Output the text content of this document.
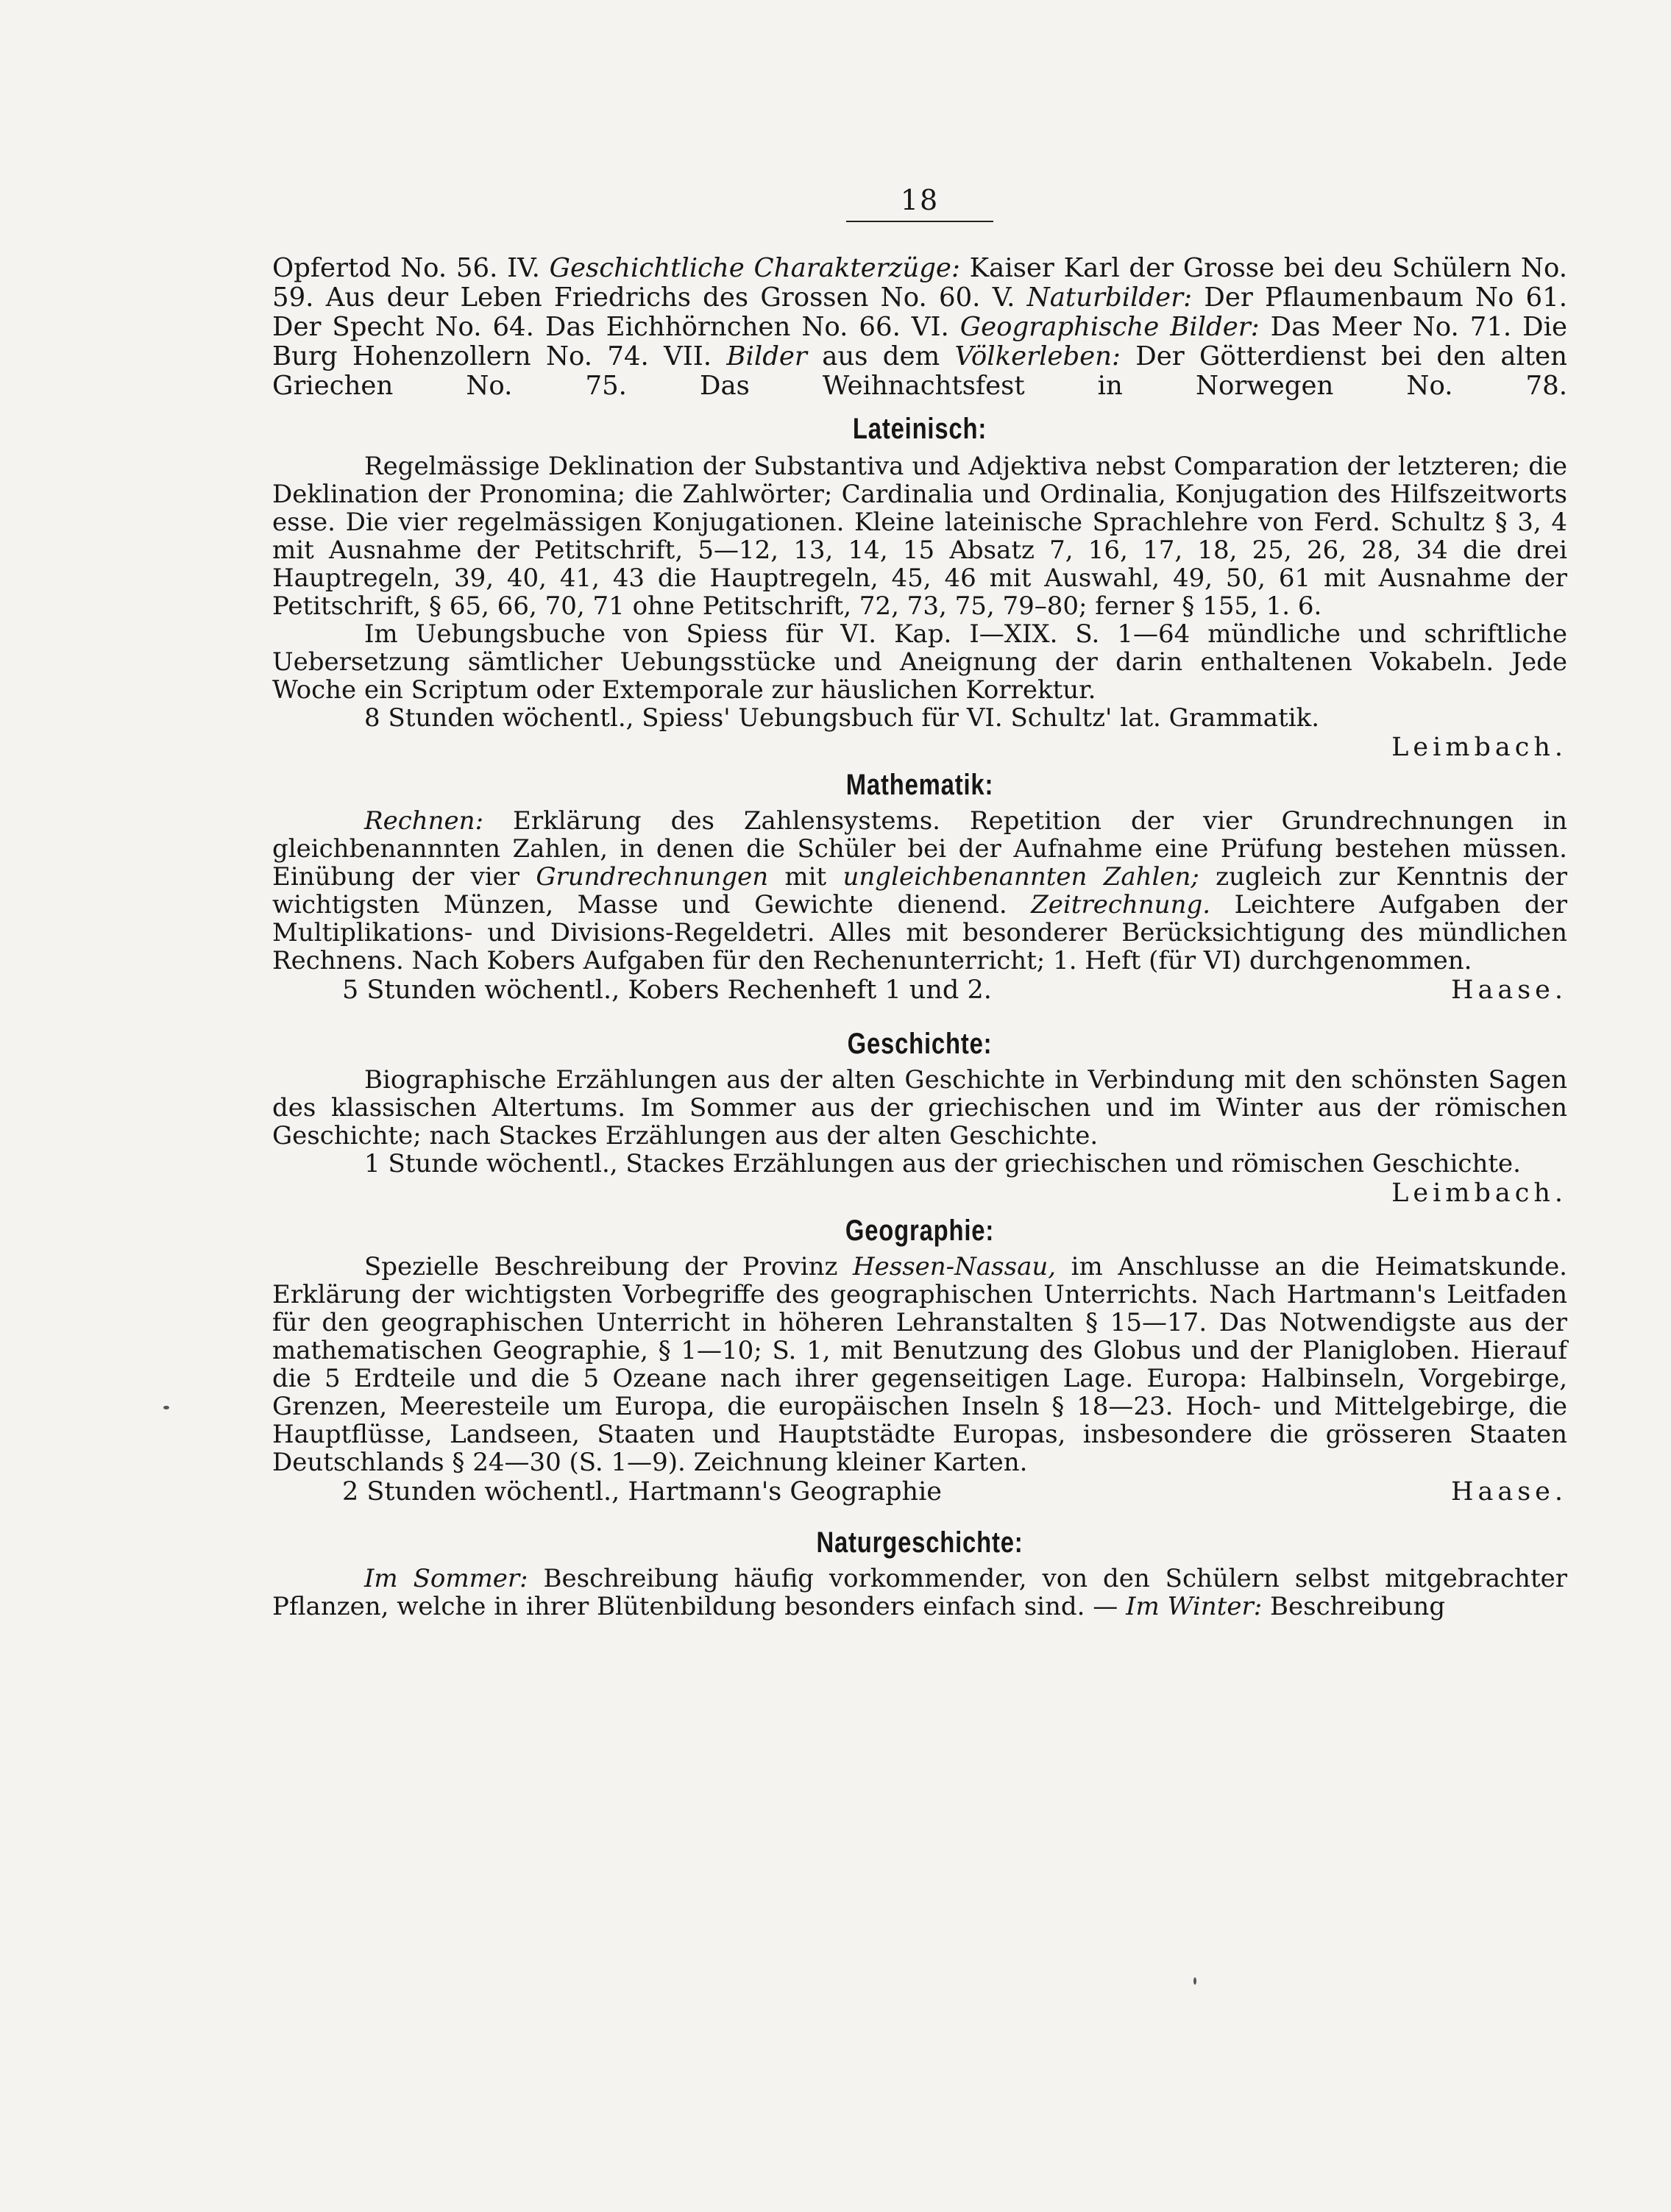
18

Opfertod No. 56. IV. Geschichtliche Charakterzüge: Kaiser Karl der Grosse bei deu Schülern No. 59. Aus deur Leben Friedrichs des Grossen No. 60. V. Naturbilder: Der Pflaumenbaum No 61. Der Specht No. 64. Das Eichhörnchen No. 66. VI. Geographische Bilder: Das Meer No. 71. Die Burg Hohenzollern No. 74. VII. Bilder aus dem Völkerleben: Der Götterdienst bei den alten Griechen No. 75. Das Weihnachtsfest in Norwegen No. 78.

Lateinisch:

Regelmässige Deklination der Substantiva und Adjektiva nebst Comparation der letzteren; die Deklination der Pronomina; die Zahlwörter; Cardinalia und Ordinalia, Konjugation des Hilfszeitworts esse. Die vier regelmässigen Konjugationen. Kleine lateinische Sprachlehre von Ferd. Schultz § 3, 4 mit Ausnahme der Petitschrift, 5—12, 13, 14, 15 Absatz 7, 16, 17, 18, 25, 26, 28, 34 die drei Hauptregeln, 39, 40, 41, 43 die Hauptregeln, 45, 46 mit Auswahl, 49, 50, 61 mit Ausnahme der Petitschrift, § 65, 66, 70, 71 ohne Petitschrift, 72, 73, 75, 79–80; ferner § 155, 1. 6.

Im Uebungsbuche von Spiess für VI. Kap. I—XIX. S. 1—64 mündliche und schriftliche Uebersetzung sämtlicher Uebungsstücke und Aneignung der darin enthaltenen Vokabeln. Jede Woche ein Scriptum oder Extemporale zur häuslichen Korrektur.

8 Stunden wöchentl., Spiess' Uebungsbuch für VI. Schultz' lat. Grammatik.

Leimbach.

Mathematik:

Rechnen: Erklärung des Zahlensystems. Repetition der vier Grundrechnungen in gleichbenannnten Zahlen, in denen die Schüler bei der Aufnahme eine Prüfung bestehen müssen. Einübung der vier Grundrechnungen mit ungleichbenannten Zahlen; zugleich zur Kenntnis der wichtigsten Münzen, Masse und Gewichte dienend. Zeitrechnung. Leichtere Aufgaben der Multiplikations- und Divisions-Regeldetri. Alles mit besonderer Berücksichtigung des mündlichen Rechnens. Nach Kobers Aufgaben für den Rechenunterricht; 1. Heft (für VI) durchgenommen.

5 Stunden wöchentl., Kobers Rechenheft 1 und 2.	Haase.
Geschichte:

Biographische Erzählungen aus der alten Geschichte in Verbindung mit den schönsten Sagen des klassischen Altertums. Im Sommer aus der griechischen und im Winter aus der römischen Geschichte; nach Stackes Erzählungen aus der alten Geschichte.

1 Stunde wöchentl., Stackes Erzählungen aus der griechischen und römischen Geschichte.

Leimbach.

Geographie:

Spezielle Beschreibung der Provinz Hessen-Nassau, im Anschlusse an die Heimatskunde. Erklärung der wichtigsten Vorbegriffe des geographischen Unterrichts. Nach Hartmann's Leitfaden für den geographischen Unterricht in höheren Lehranstalten § 15—17. Das Notwendigste aus der mathematischen Geographie, § 1—10; S. 1, mit Benutzung des Globus und der Planigloben. Hierauf die 5 Erdteile und die 5 Ozeane nach ihrer gegenseitigen Lage. Europa: Halbinseln, Vorgebirge, Grenzen, Meeresteile um Europa, die europäischen Inseln § 18—23. Hoch- und Mittelgebirge, die Hauptflüsse, Landseen, Staaten und Hauptstädte Europas, insbesondere die grösseren Staaten Deutschlands § 24—30 (S. 1—9). Zeichnung kleiner Karten.

2 Stunden wöchentl., Hartmann's Geographie	Haase.
Naturgeschichte:

Im Sommer: Beschreibung häufig vorkommender, von den Schülern selbst mitgebrachter Pflanzen, welche in ihrer Blütenbildung besonders einfach sind. — Im Winter: Beschreibung
